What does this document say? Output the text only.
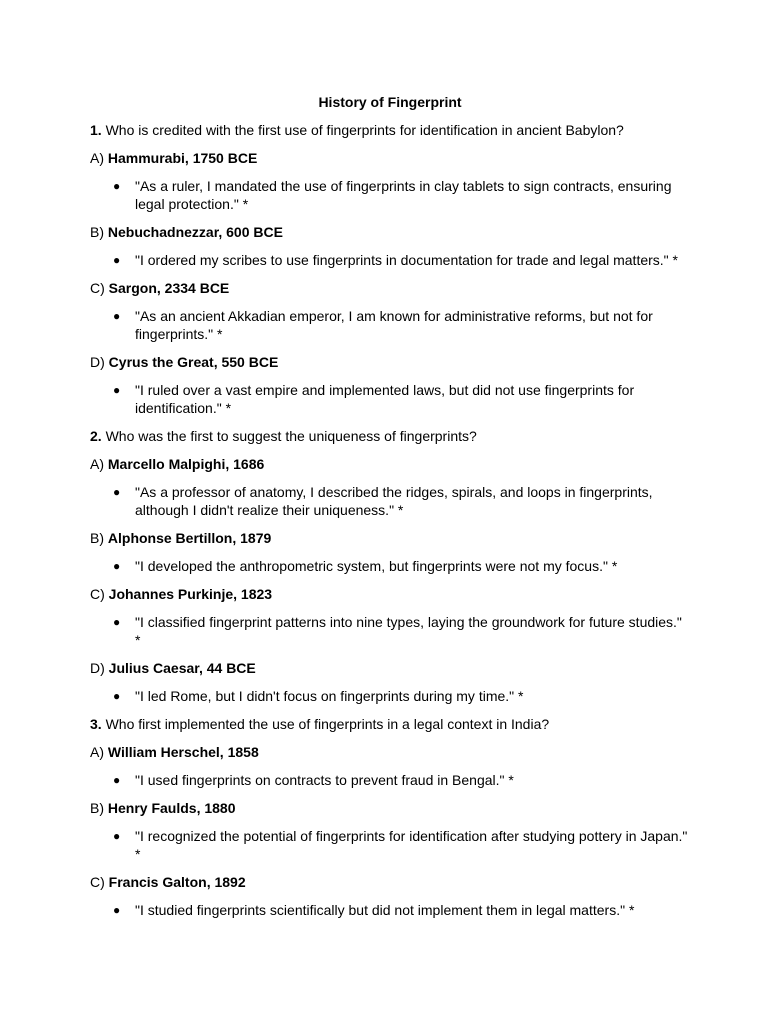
History of Fingerprint
1. Who is credited with the first use of fingerprints for identification in ancient Babylon?
A) Hammurabi, 1750 BCE
● "As a ruler, I mandated the use of fingerprints in clay tablets to sign contracts, ensuring legal protection." *
B) Nebuchadnezzar, 600 BCE
● "I ordered my scribes to use fingerprints in documentation for trade and legal matters." *
C) Sargon, 2334 BCE
● "As an ancient Akkadian emperor, I am known for administrative reforms, but not for fingerprints." *
D) Cyrus the Great, 550 BCE
● "I ruled over a vast empire and implemented laws, but did not use fingerprints for identification." *
2. Who was the first to suggest the uniqueness of fingerprints?
A) Marcello Malpighi, 1686
● "As a professor of anatomy, I described the ridges, spirals, and loops in fingerprints, although I didn't realize their uniqueness." *
B) Alphonse Bertillon, 1879
● "I developed the anthropometric system, but fingerprints were not my focus." *
C) Johannes Purkinje, 1823
● "I classified fingerprint patterns into nine types, laying the groundwork for future studies." *
D) Julius Caesar, 44 BCE
● "I led Rome, but I didn't focus on fingerprints during my time." *
3. Who first implemented the use of fingerprints in a legal context in India?
A) William Herschel, 1858
● "I used fingerprints on contracts to prevent fraud in Bengal." *
B) Henry Faulds, 1880
● "I recognized the potential of fingerprints for identification after studying pottery in Japan." *
C) Francis Galton, 1892
● "I studied fingerprints scientifically but did not implement them in legal matters." *
